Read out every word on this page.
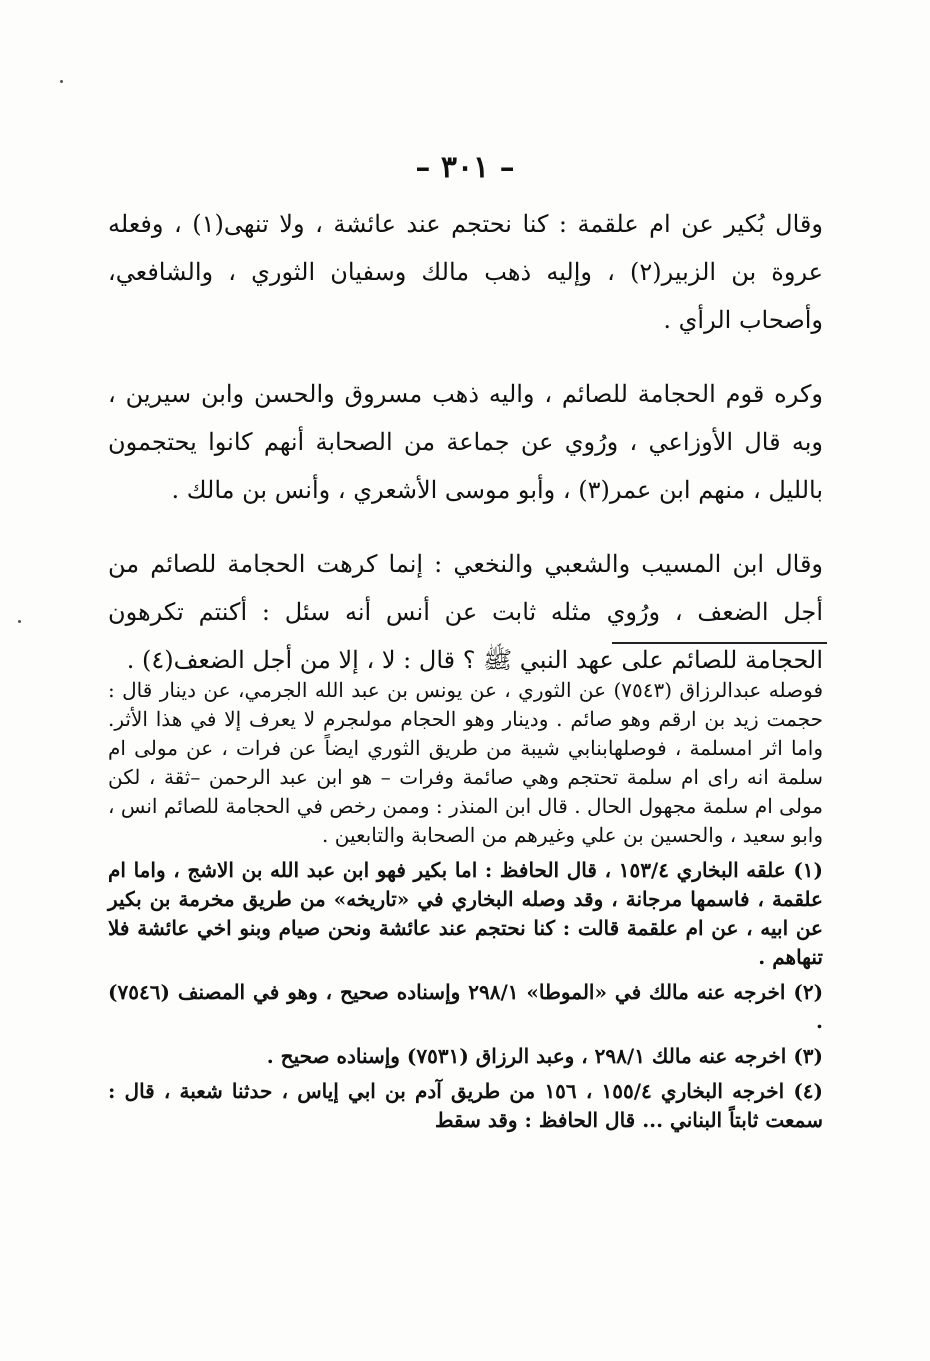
– ٣٠١ –

وقال بُكير عن ام علقمة : كنا نحتجم عند عائشة ، ولا تنهى(١) ، وفعله عروة بن الزبير(٢) ، وإليه ذهب مالك وسفيان الثوري ، والشافعي، وأصحاب الرأي .

وكره قوم الحجامة للصائم ، واليه ذهب مسروق والحسن وابن سيرين ، وبه قال الأوزاعي ، ورُوي عن جماعة من الصحابة أنهم كانوا يحتجمون بالليل ، منهم ابن عمر(٣) ، وأبو موسى الأشعري ، وأنس بن مالك .

وقال ابن المسيب والشعبي والنخعي : إنما كرهت الحجامة للصائم من أجل الضعف ، ورُوي مثله ثابت عن أنس أنه سئل : أكنتم تكرهون الحجامة للصائم على عهد النبي ﷺ ؟ قال : لا ، إلا من أجل الضعف(٤) .

فوصله عبدالرزاق (٧٥٤٣) عن الثوري ، عن يونس بن عبد الله الجرمي، عن دينار قال : حجمت زيد بن ارقم وهو صائم . ودينار وهو الحجام مولىجرم لا يعرف إلا في هذا الأثر. واما اثر امسلمة ، فوصلهابنابي شيبة من طريق الثوري ايضاً عن فرات ، عن مولى ام سلمة انه راى ام سلمة تحتجم وهي صائمة وفرات – هو ابن عبد الرحمن –ثقة ، لكن مولى ام سلمة مجهول الحال . قال ابن المنذر : وممن رخص في الحجامة للصائم انس ، وابو سعيد ، والحسين بن علي وغيرهم من الصحابة والتابعين .

(١) علقه البخاري ١٥٣/٤ ، قال الحافظ : اما بكير فهو ابن عبد الله بن الاشج ، واما ام علقمة ، فاسمها مرجانة ، وقد وصله البخاري في «تاريخه» من طريق مخرمة بن بكير عن ابيه ، عن ام علقمة قالت : كنا نحتجم عند عائشة ونحن صيام وبنو اخي عائشة فلا تنهاهم .

(٢) اخرجه عنه مالك في «الموطا» ٢٩٨/١ وإسناده صحيح ، وهو في المصنف (٧٥٤٦) .

(٣) اخرجه عنه مالك ٢٩٨/١ ، وعبد الرزاق (٧٥٣١) وإسناده صحيح .

(٤) اخرجه البخاري ١٥٥/٤ ، ١٥٦ من طريق آدم بن ابي إياس ، حدثنا شعبة ، قال : سمعت ثابتاً البناني ... قال الحافظ : وقد سقط
